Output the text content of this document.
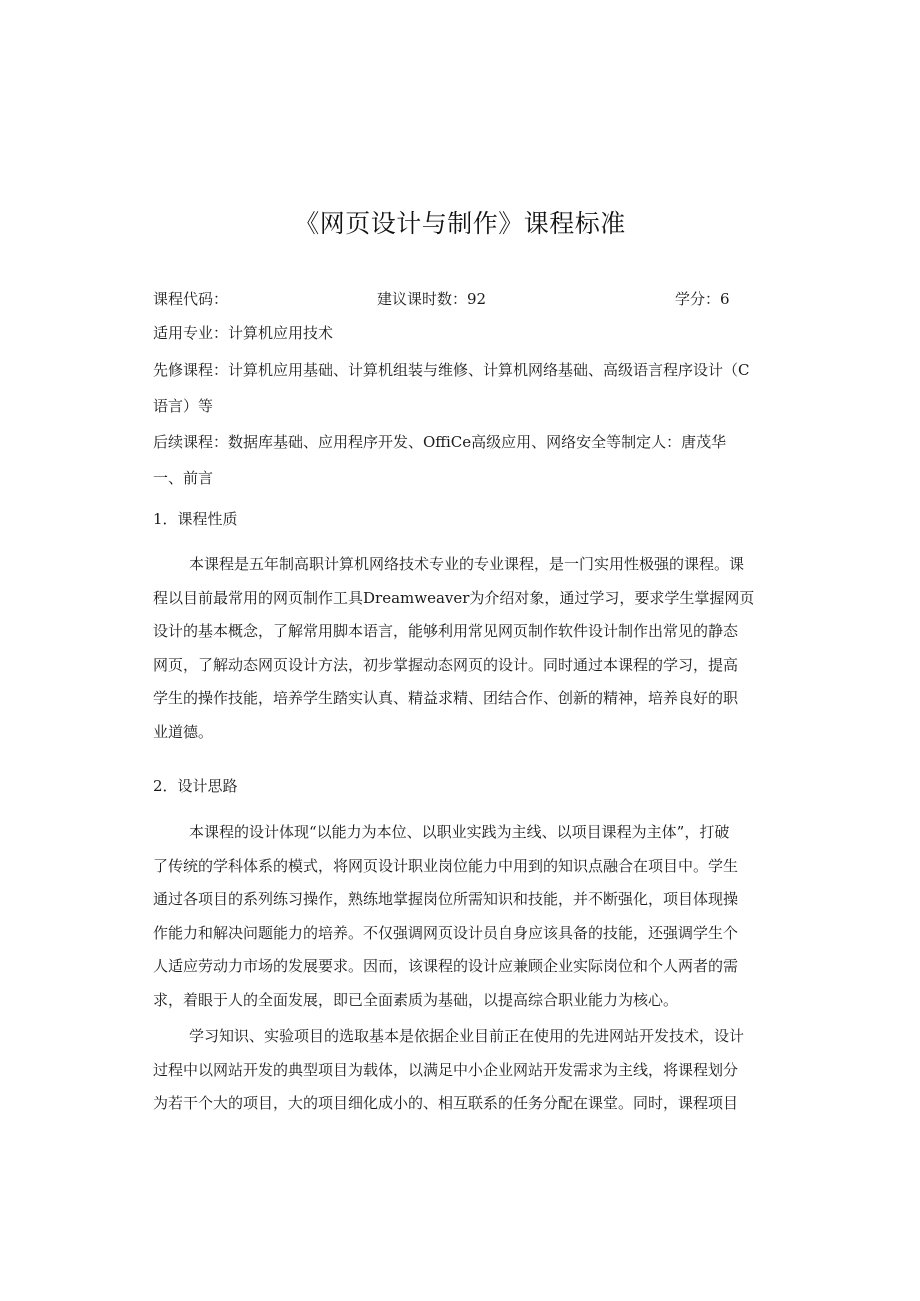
《网页设计与制作》课程标准
课程代码：	建议课时数：92	学分：6
适用专业：计算机应用技术
先修课程：计算机应用基础、计算机组装与维修、计算机网络基础、高级语言程序设计（C
语言）等
后续课程：数据库基础、应用程序开发、OffiCe高级应用、网络安全等制定人：唐茂华
一、前言
1．课程性质
本课程是五年制高职计算机网络技术专业的专业课程，是一门实用性极强的课程。课
程以目前最常用的网页制作工具Dreamweaver为介绍对象，通过学习，要求学生掌握网页
设计的基本概念，了解常用脚本语言，能够利用常见网页制作软件设计制作出常见的静态
网页，了解动态网页设计方法，初步掌握动态网页的设计。同时通过本课程的学习，提高
学生的操作技能，培养学生踏实认真、精益求精、团结合作、创新的精神，培养良好的职
业道德。
2．设计思路
本课程的设计体现“以能力为本位、以职业实践为主线、以项目课程为主体”，打破
了传统的学科体系的模式，将网页设计职业岗位能力中用到的知识点融合在项目中。学生
通过各项目的系列练习操作，熟练地掌握岗位所需知识和技能，并不断强化，项目体现操
作能力和解决问题能力的培养。不仅强调网页设计员自身应该具备的技能，还强调学生个
人适应劳动力市场的发展要求。因而，该课程的设计应兼顾企业实际岗位和个人两者的需
求，着眼于人的全面发展，即已全面素质为基础，以提高综合职业能力为核心。
学习知识、实验项目的选取基本是依据企业目前正在使用的先进网站开发技术，设计
过程中以网站开发的典型项目为载体，以满足中小企业网站开发需求为主线，将课程划分
为若干个大的项目，大的项目细化成小的、相互联系的任务分配在课堂。同时，课程项目
